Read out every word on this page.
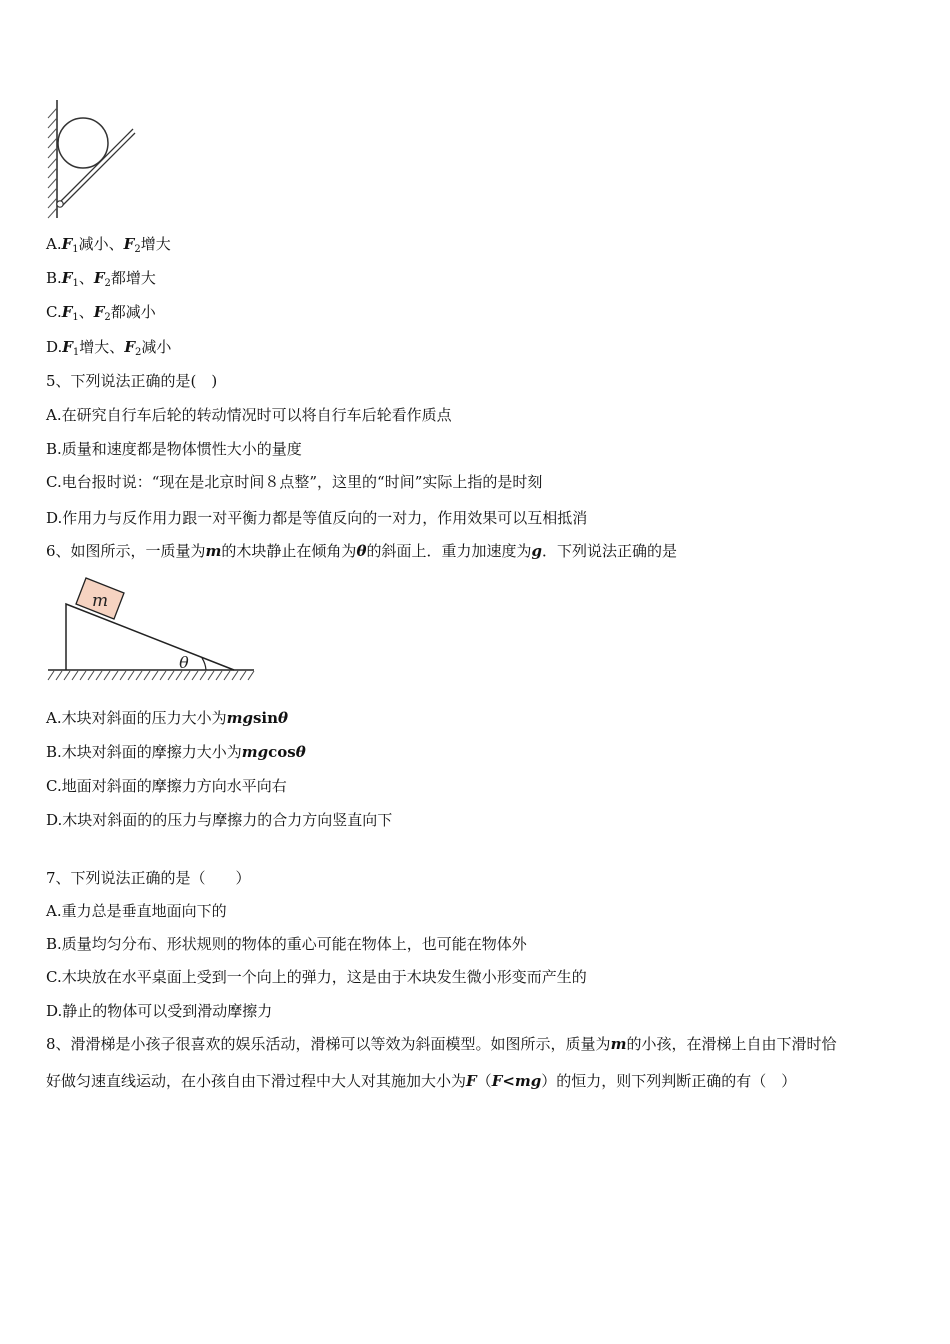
$A.F_1$减小、$F_2$增大
$B.F_1$、$F_2$都增大
$C.F_1$、$F_2$都减小
$D.F_1$增大、$F_2$减小
5、下列说法正确的是(　)
A.在研究自行车后轮的转动情况时可以将自行车后轮看作质点
B.质量和速度都是物体惯性大小的量度
C.电台报时说：“现在是北京时间８点整”，这里的“时间”实际上指的是时刻
D.作用力与反作用力跟一对平衡力都是等值反向的一对力，作用效果可以互相抵消
6、如图所示，一质量为m的木块静止在倾角为θ的斜面上．重力加速度为g．下列说法正确的是
m
θ
A.木块对斜面的压力大小为mgsinθ
B.木块对斜面的摩擦力大小为mgcosθ
C.地面对斜面的摩擦力方向水平向右
D.木块对斜面的的压力与摩擦力的合力方向竖直向下
7、下列说法正确的是（　　）
A.重力总是垂直地面向下的
B.质量均匀分布、形状规则的物体的重心可能在物体上，也可能在物体外
C.木块放在水平桌面上受到一个向上的弹力，这是由于木块发生微小形变而产生的
D.静止的物体可以受到滑动摩擦力
8、滑滑梯是小孩子很喜欢的娱乐活动，滑梯可以等效为斜面模型。如图所示，质量为m的小孩，在滑梯上自由下滑时恰
好做匀速直线运动，在小孩自由下滑过程中大人对其施加大小为F（F<mg）的恒力，则下列判断正确的有（　）
